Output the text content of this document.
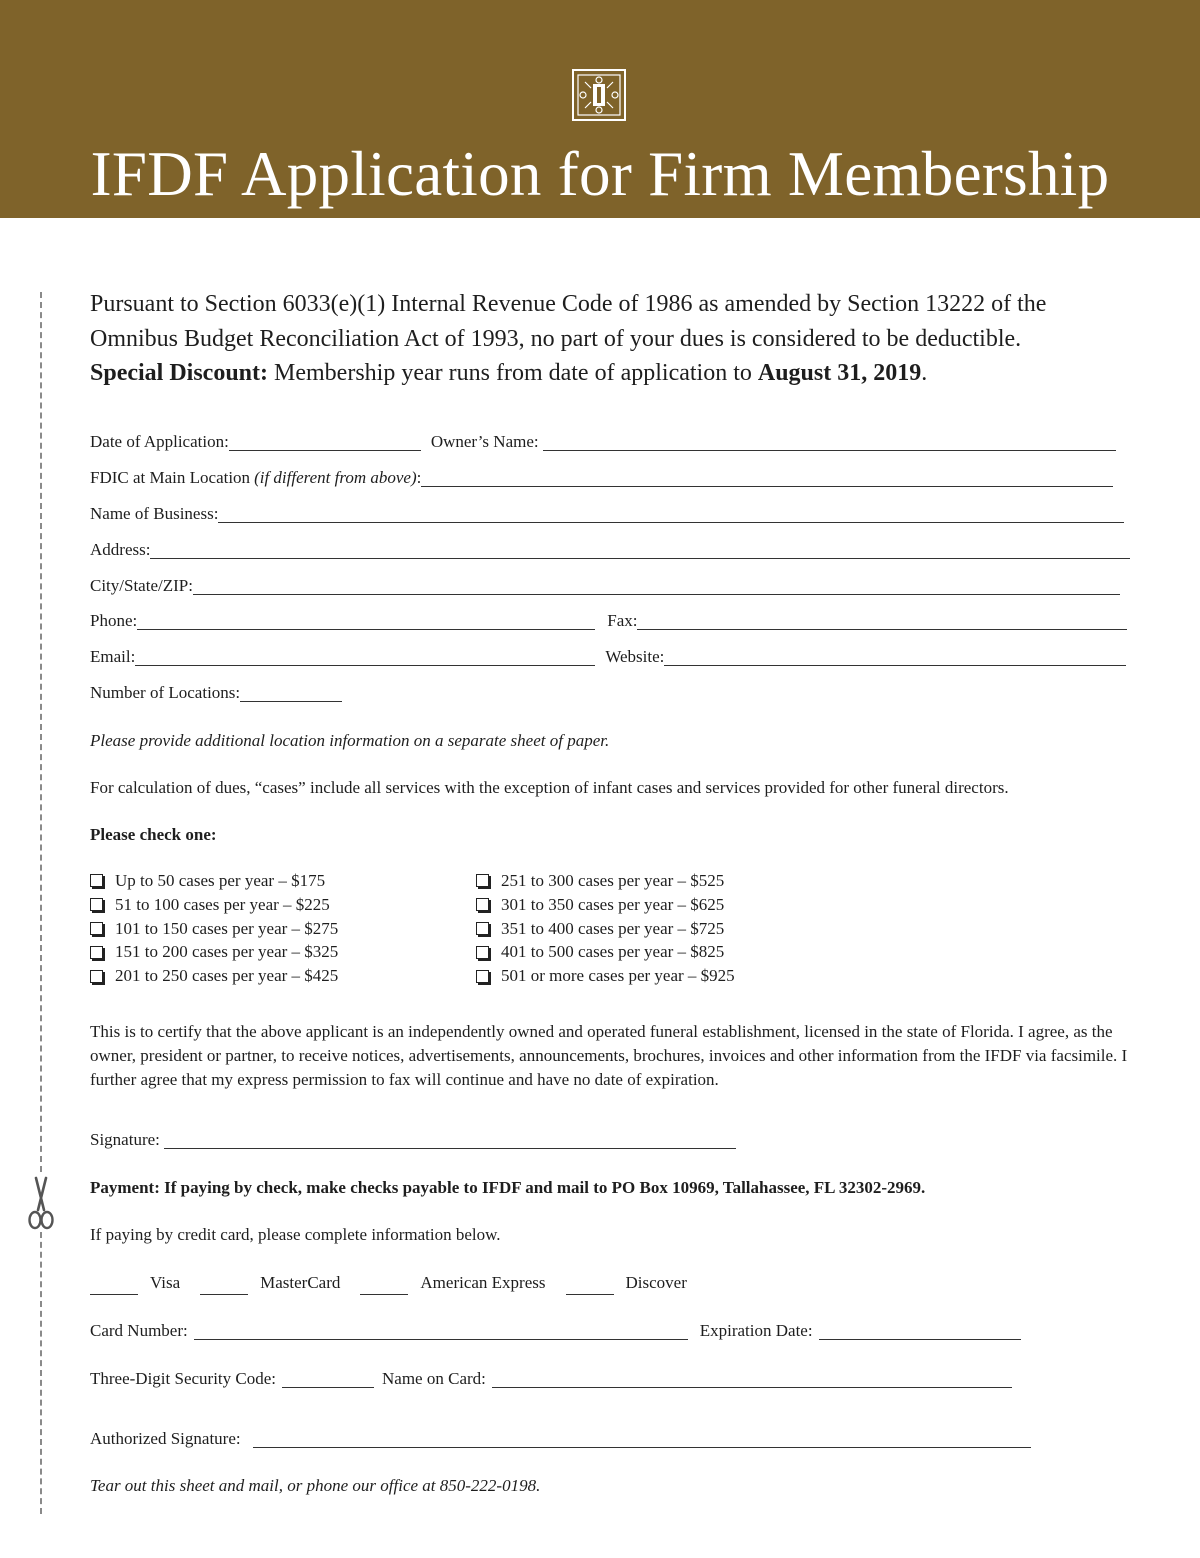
IFDF Application for Firm Membership
Pursuant to Section 6033(e)(1) Internal Revenue Code of 1986 as amended by Section 13222 of the
Omnibus Budget Reconciliation Act of 1993, no part of your dues is considered to be deductible.
Special Discount: Membership year runs from date of application to August 31, 2019.
Date of Application:	Owner’s Name:
FDIC at Main Location (if different from above) :
Name of Business:
Address:
City/State/ZIP:
Phone:	Fax:
Email:	Website:
Number of Locations:
Please provide additional location information on a separate sheet of paper.
For calculation of dues, “cases” include all services with the exception of infant cases and services provided for other funeral directors.
Please check one:
Up to 50 cases per year – $175
51 to 100 cases per year – $225
101 to 150 cases per year – $275
151 to 200 cases per year – $325
201 to 250 cases per year – $425
251 to 300 cases per year – $525
301 to 350 cases per year – $625
351 to 400 cases per year – $725
401 to 500 cases per year – $825
501 or more cases per year – $925
This is to certify that the above applicant is an independently owned and operated funeral establishment, licensed in the state of Florida. I agree, as the owner, president or partner, to receive notices, advertisements, announcements, brochures, invoices and other information from the IFDF via facsimile. I further agree that my express permission to fax will continue and have no date of expiration.
Signature:
Payment: If paying by check, make checks payable to IFDF and mail to PO Box 10969, Tallahassee, FL 32302-2969.
If paying by credit card, please complete information below.
Visa	MasterCard	American Express	Discover
Card Number:	Expiration Date:
Three-Digit Security Code:	Name on Card:
Authorized Signature:
Tear out this sheet and mail, or phone our office at 850-222-0198.
